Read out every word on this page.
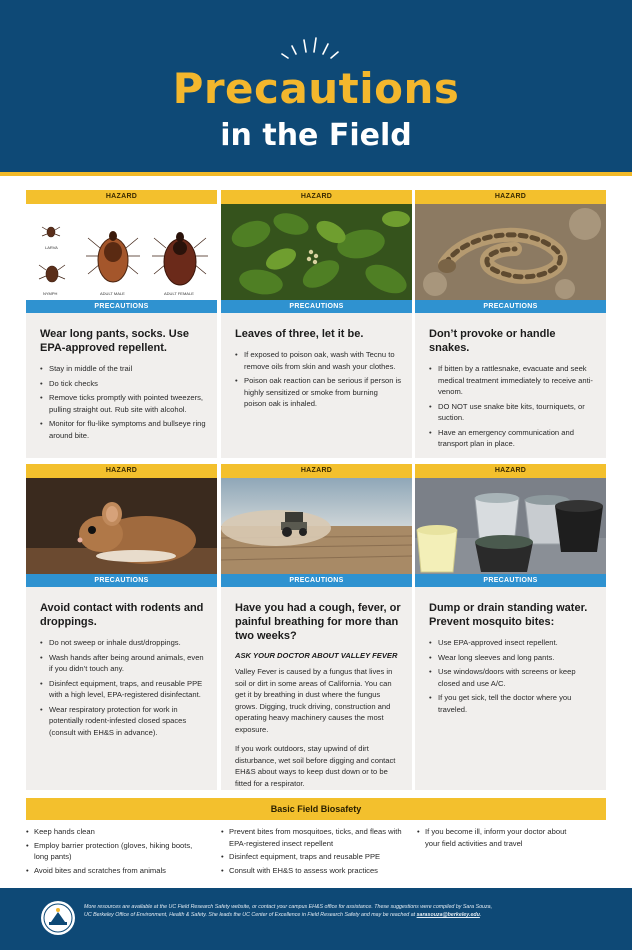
Precautions
in the Field
HAZARD
LARVA
NYMPH	ADULT MALE	ADULT FEMALE
PRECAUTIONS
Wear long pants, socks. Use EPA-approved repellent.
• Stay in middle of the trail
• Do tick checks
• Remove ticks promptly with pointed tweezers, pulling straight out. Rub site with alcohol.
• Monitor for flu-like symptoms and bullseye ring around bite.
HAZARD
PRECAUTIONS
Leaves of three, let it be.
• If exposed to poison oak, wash with Tecnu to remove oils from skin and wash your clothes.
• Poison oak reaction can be serious if person is highly sensitized or smoke from burning poison oak is inhaled.
HAZARD
PRECAUTIONS
Don’t provoke or handle snakes.
• If bitten by a rattlesnake, evacuate and seek medical treatment immediately to receive anti-venom.
• DO NOT use snake bite kits, tourniquets, or suction.
• Have an emergency communication and transport plan in place.
HAZARD
PRECAUTIONS
Avoid contact with rodents and droppings.
• Do not sweep or inhale dust/droppings.
• Wash hands after being around animals, even if you didn’t touch any.
• Disinfect equipment, traps, and reusable PPE with a high level, EPA-registered disinfectant.
• Wear respiratory protection for work in potentially rodent-infested closed spaces (consult with EH&S in advance).
HAZARD
PRECAUTIONS
Have you had a cough, fever, or painful breathing for more than two weeks?
ASK YOUR DOCTOR ABOUT VALLEY FEVER

Valley Fever is caused by a fungus that lives in soil or dirt in some areas of California. You can get it by breathing in dust where the fungus grows. Digging, truck driving, construction and operating heavy machinery causes the most exposure.

If you work outdoors, stay upwind of dirt disturbance, wet soil before digging and contact EH&S about ways to keep dust down or to be fitted for a respirator.

HAZARD
PRECAUTIONS
Dump or drain standing water. Prevent mosquito bites:
• Use EPA-approved insect repellent.
• Wear long sleeves and long pants.
• Use windows/doors with screens or keep closed and use A/C.
• If you get sick, tell the doctor where you traveled.
Basic Field Biosafety
• Keep hands clean
• Employ barrier protection (gloves, hiking boots, long pants)
• Avoid bites and scratches from animals
• Prevent bites from mosquitoes, ticks, and fleas with EPA-registered insect repellent
• Disinfect equipment, traps and reusable PPE
• Consult with EH&S to assess work practices
• If you become ill, inform your doctor about your field activities and travel
More resources are available at the UC Field Research Safety website, or contact your campus EH&S office for assistance. These suggestions were compiled by Sara Souza,
UC Berkeley Office of Environment, Health & Safety. She leads the UC Center of Excellence in Field Research Safety and may be reached at sarasouza@berkeley.edu.
